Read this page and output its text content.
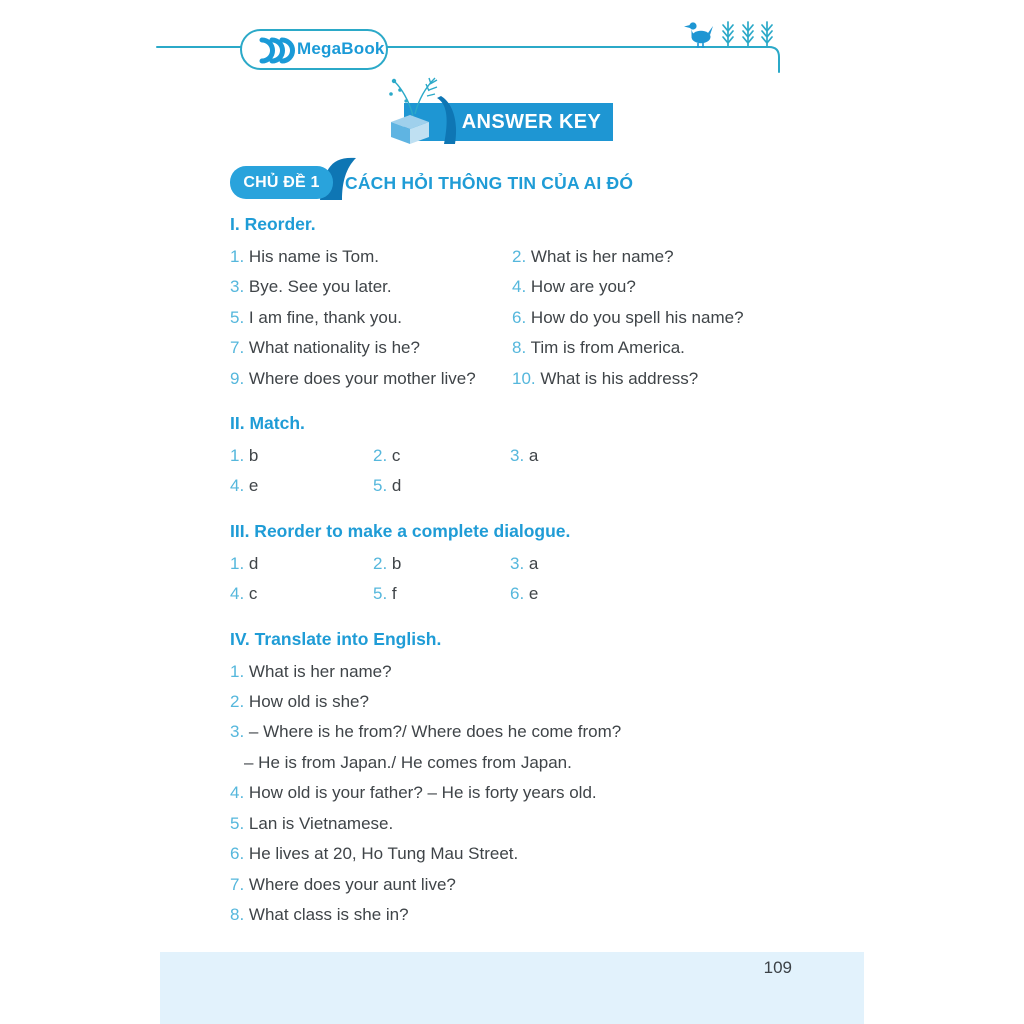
MegaBook
ANSWER KEY
CHỦ ĐỀ 1	CÁCH HỎI THÔNG TIN CỦA AI ĐÓ
I. Reorder.
1. His name is Tom.	2. What is her name?
3. Bye. See you later.	4. How are you?
5. I am fine, thank you.	6. How do you spell his name?
7. What nationality is he?	8. Tim is from America.
9. Where does your mother live?	10. What is his address?
II. Match.
1. b	2. c	3. a
4. e	5. d
III. Reorder to make a complete dialogue.
1. d	2. b	3. a
4. c	5. f	6. e
IV. Translate into English.
1. What is her name?
2. How old is she?
3. – Where is he from?/ Where does he come from?
– He is from Japan./ He comes from Japan.
4. How old is your father? – He is forty years old.
5. Lan is Vietnamese.
6. He lives at 20, Ho Tung Mau Street.
7. Where does your aunt live?
8. What class is she in?
109
